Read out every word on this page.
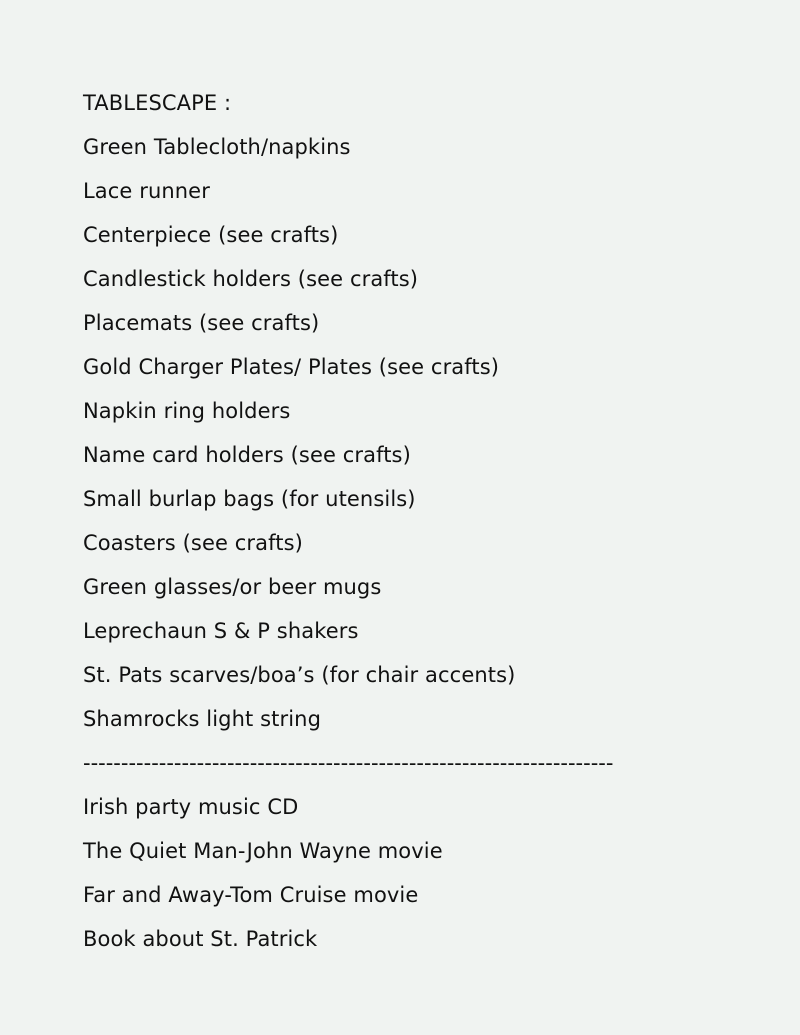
TABLESCAPE :
Green Tablecloth/napkins
Lace runner
Centerpiece (see crafts)
Candlestick holders (see crafts)
Placemats (see crafts)
Gold Charger Plates/ Plates (see crafts)
Napkin ring holders
Name card holders (see crafts)
Small burlap bags (for utensils)
Coasters (see crafts)
Green glasses/or beer mugs
Leprechaun S & P shakers
St. Pats scarves/boa’s (for chair accents)
Shamrocks light string
----------------------------------------------------------------------
Irish party music CD
The Quiet Man-John Wayne movie
Far and Away-Tom Cruise movie
Book about St. Patrick
